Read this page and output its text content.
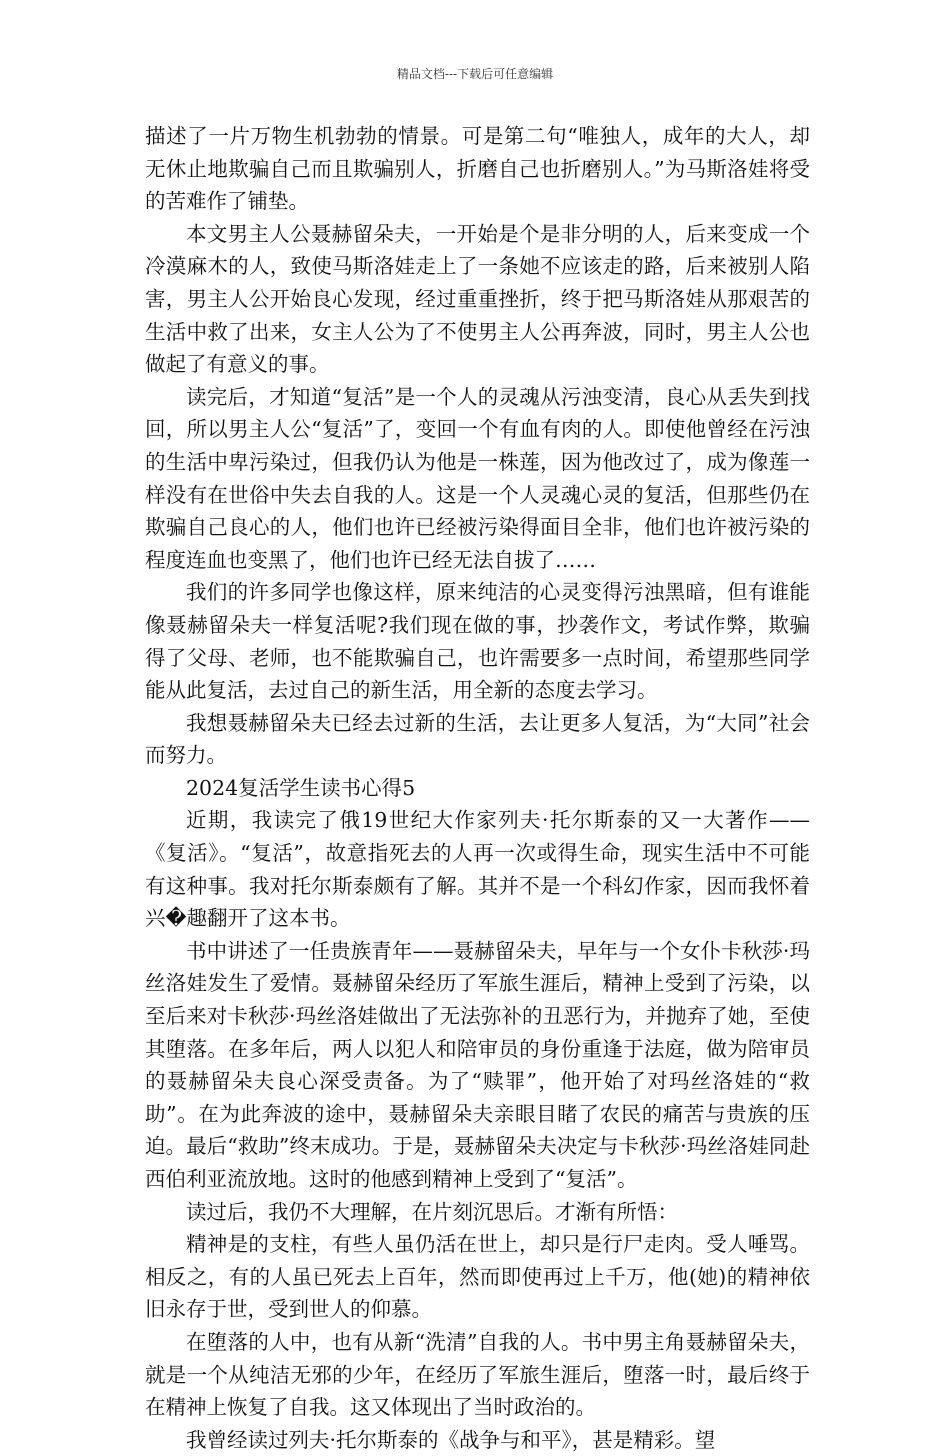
精品文档---下载后可任意编辑

描述了一片万物生机勃勃的情景。可是第二句“唯独人，成年的大人，却无休止地欺骗自己而且欺骗别人，折磨自己也折磨别人。”为马斯洛娃将受的苦难作了铺垫。

本文男主人公聂赫留朵夫，一开始是个是非分明的人，后来变成一个冷漠麻木的人，致使马斯洛娃走上了一条她不应该走的路，后来被别人陷害，男主人公开始良心发现，经过重重挫折，终于把马斯洛娃从那艰苦的生活中救了出来，女主人公为了不使男主人公再奔波，同时，男主人公也做起了有意义的事。

读完后，才知道“复活”是一个人的灵魂从污浊变清，良心从丢失到找回，所以男主人公“复活”了，变回一个有血有肉的人。即使他曾经在污浊的生活中卑污染过，但我仍认为他是一株莲，因为他改过了，成为像莲一样没有在世俗中失去自我的人。这是一个人灵魂心灵的复活，但那些仍在欺骗自己良心的人，他们也许已经被污染得面目全非，他们也许被污染的程度连血也变黑了，他们也许已经无法自拔了……

我们的许多同学也像这样，原来纯洁的心灵变得污浊黑暗，但有谁能像聂赫留朵夫一样复活呢?我们现在做的事，抄袭作文，考试作弊，欺骗得了父母、老师，也不能欺骗自己，也许需要多一点时间，希望那些同学能从此复活，去过自己的新生活，用全新的态度去学习。

我想聂赫留朵夫已经去过新的生活，去让更多人复活，为“大同”社会而努力。

2024复活学生读书心得5

近期，我读完了俄19世纪大作家列夫·托尔斯泰的又一大著作——《复活》。“复活”，故意指死去的人再一次或得生命，现实生活中不可能有这种事。我对托尔斯泰颇有了解。其并不是一个科幻作家，因而我怀着兴�趣翻开了这本书。

书中讲述了一任贵族青年——聂赫留朵夫，早年与一个女仆卡秋莎·玛丝洛娃发生了爱情。聂赫留朵经历了军旅生涯后，精神上受到了污染，以至后来对卡秋莎·玛丝洛娃做出了无法弥补的丑恶行为，并抛弃了她，至使其堕落。在多年后，两人以犯人和陪审员的身份重逢于法庭，做为陪审员的聂赫留朵夫良心深受责备。为了“赎罪”，他开始了对玛丝洛娃的“救助”。在为此奔波的途中，聂赫留朵夫亲眼目睹了农民的痛苦与贵族的压迫。最后“救助”终末成功。于是，聂赫留朵夫决定与卡秋莎·玛丝洛娃同赴西伯利亚流放地。这时的他感到精神上受到了“复活”。

读过后，我仍不大理解，在片刻沉思后。才渐有所悟：

精神是的支柱，有些人虽仍活在世上，却只是行尸走肉。受人唾骂。相反之，有的人虽已死去上百年，然而即使再过上千万，他(她)的精神依旧永存于世，受到世人的仰慕。

在堕落的人中，也有从新“洗清”自我的人。书中男主角聂赫留朵夫，就是一个从纯洁无邪的少年，在经历了军旅生涯后，堕落一时，最后终于在精神上恢复了自我。这又体现出了当时政治的。

我曾经读过列夫·托尔斯泰的《战争与和平》，甚是精彩。望
